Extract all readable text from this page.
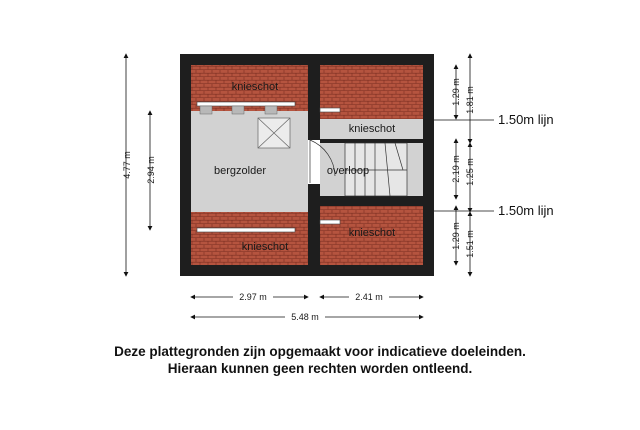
knieschot
knieschot
bergzolder	overloop
knieschot
knieschot
4.77 m 2.94 m
1.29 m 1.81 m
2.19 m 1.25 m
1.29 m 1.51 m
1.50m lijn
1.50m lijn
2.97 m	2.41 m
5.48 m
Deze plattegronden zijn opgemaakt voor indicatieve doeleinden.
Hieraan kunnen geen rechten worden ontleend.
